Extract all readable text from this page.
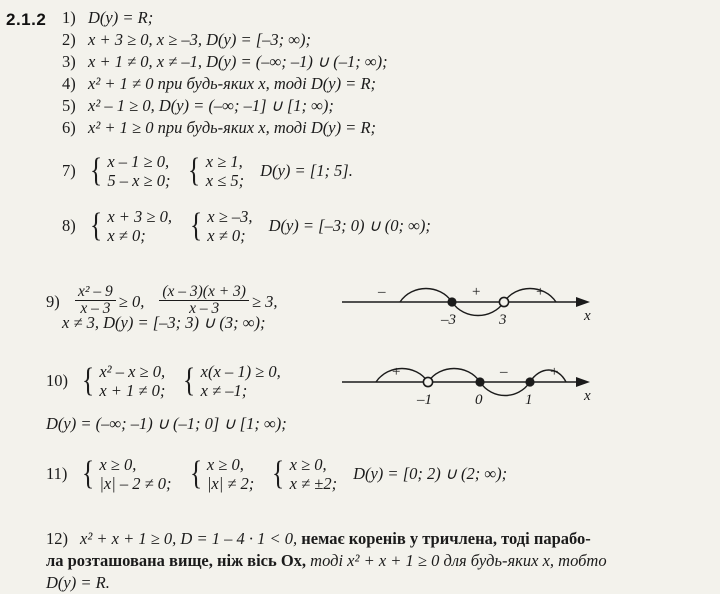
2.1.2 1) D(y) = R;
2) x + 3 ≥ 0, x ≥ –3, D(y) = [–3; ∞);
3) x + 1 ≠ 0, x ≠ –1, D(y) = (–∞; –1) ∪ (–1; ∞);
4) x² + 1 ≠ 0 при будь-яких x, тоді D(y) = R;
5) x² – 1 ≥ 0, D(y) = (–∞; –1] ∪ [1; ∞);
6) x² + 1 ≥ 0 при будь-яких x, тоді D(y) = R;
7) { x – 1 ≥ 0,
5 – x ≥ 0; { x ≥ 1,
x ≤ 5;
D(y) = [1; 5].
8) { x + 3 ≥ 0,
x ≠ 0;	{ x ≥ –3,
x ≠ 0;
D(y) = [–3; 0) ∪ (0; ∞);
$9) \frac{\text{x² – 9}}{x - 3} \ge 0$, $\frac{(x - 3)(x + 3)}{x - 3} \ge 3$,
x ≠ 3, D(y) = [–3; 3) ∪ (3; ∞);
–	+	+
–3	3	x
10) { x² – x ≥ 0,
x + 1 ≠ 0; { x(x – 1) ≥ 0,
x ≠ –1;
D(y) = (–∞; –1) ∪ (–1; 0] ∪ [1; ∞);
+	–	+
–1	0	1	x
11) { x ≥ 0,
|x| – 2 ≠ 0; { x ≥ 0,
|x| ≠ 2; { x ≥ 0,
x ≠ ±2;
D(y) = [0; 2) ∪ (2; ∞);
12) x² + x + 1 ≥ 0, D = 1 – 4 · 1 < 0, немає коренів у тричлена, тоді парабо-
ла розташована вище, ніж вісь Ox, тоді x² + x + 1 ≥ 0 для будь-яких x, тобто
D(y) = R.
